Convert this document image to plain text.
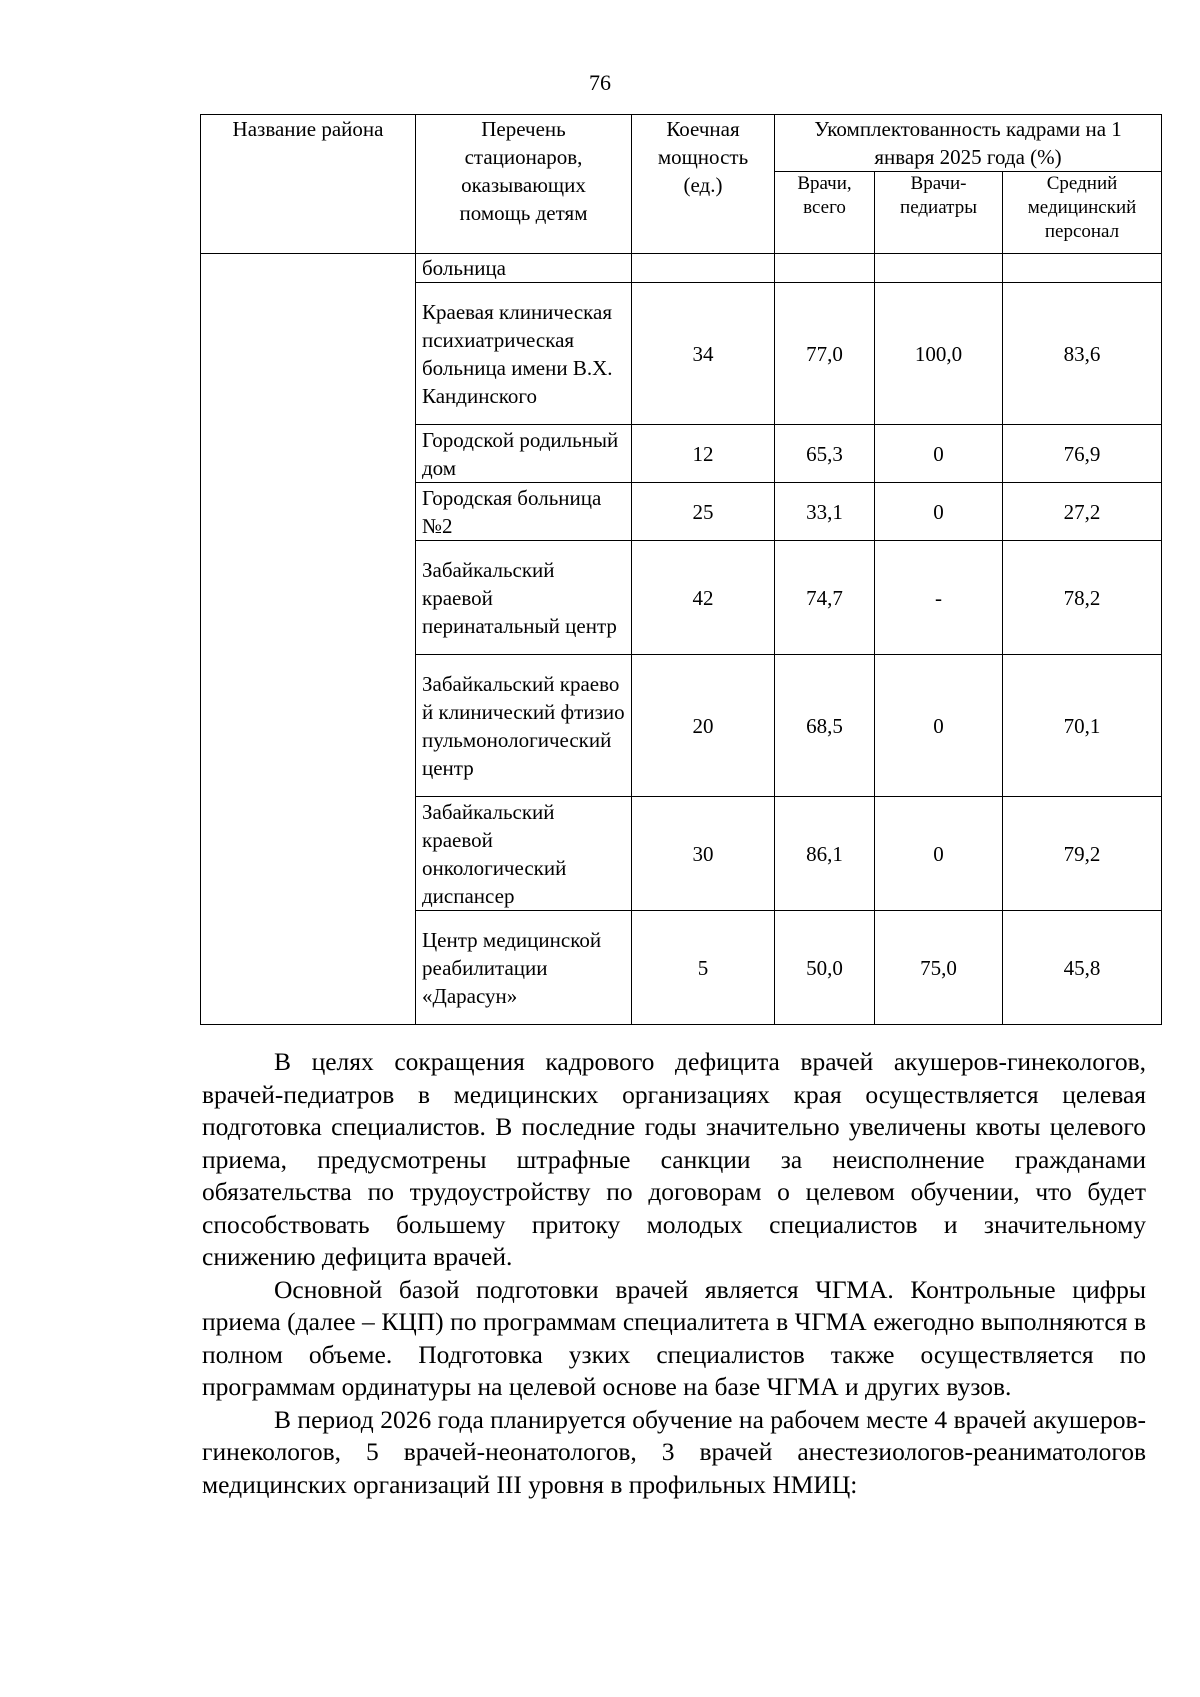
76
Название района	Перечень стационаров, оказывающих помощь детям	Коечная мощность (ед.)	Укомплектованность кадрами на 1 января 2025 года (%)		
			Врачи, всего	Врачи-педиатры	Средний медицинский персонал
	больница				
	Краевая клиническая психиатрическая больница имени В.Х. Кандинского	34	77,0	100,0	83,6
	Городской родильный дом	12	65,3	0	76,9
	Городская больница №2	25	33,1	0	27,2
	Забайкальский краевой перинатальный центр	42	74,7	-	78,2
	Забайкальский краевой клинический фтизиопульмонологический центр	20	68,5	0	70,1
	Забайкальский краевой онкологический диспансер	30	86,1	0	79,2
	Центр медицинской реабилитации «Дарасун»	5	50,0	75,0	45,8

В целях сокращения кадрового дефицита врачей акушеров-гинекологов, врачей-педиатров в медицинских организациях края осуществляется целевая подготовка специалистов. В последние годы значительно увеличены квоты целевого приема, предусмотрены штрафные санкции за неисполнение гражданами обязательства по трудоустройству по договорам о целевом обучении, что будет способствовать большему притоку молодых специалистов и значительному снижению дефицита врачей.

Основной базой подготовки врачей является ЧГМА. Контрольные цифры приема (далее – КЦП) по программам специалитета в ЧГМА ежегодно выполняются в полном объеме. Подготовка узких специалистов также осуществляется по программам ординатуры на целевой основе на базе ЧГМА и других вузов.

В период 2026 года планируется обучение на рабочем месте 4 врачей акушеров-гинекологов, 5 врачей-неонатологов, 3 врачей анестезиологов-реаниматологов медицинских организаций III уровня в профильных НМИЦ:
